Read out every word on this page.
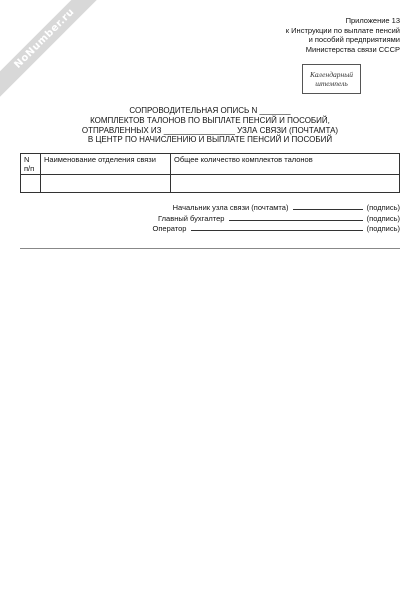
NoNumber.ru	Приложение 13
к Инструкции по выплате пенсий
и пособий предприятиями
Министерства связи СССР
Календарный штемпель
СОПРОВОДИТЕЛЬНАЯ ОПИСЬ N _______
КОМПЛЕКТОВ ТАЛОНОВ ПО ВЫПЛАТЕ ПЕНСИЙ И ПОСОБИЙ,
ОТПРАВЛЕННЫХ ИЗ ________________ УЗЛА СВЯЗИ (ПОЧТАМТА)
В ЦЕНТР ПО НАЧИСЛЕНИЮ И ВЫПЛАТЕ ПЕНСИЙ И ПОСОБИЙ
N п/п	Наименование отделения связи	Общее количество комплектов талонов

Начальник узла связи (почтамта)	(подпись)
Главный бухгалтер	(подпись)
Оператор	(подпись)
